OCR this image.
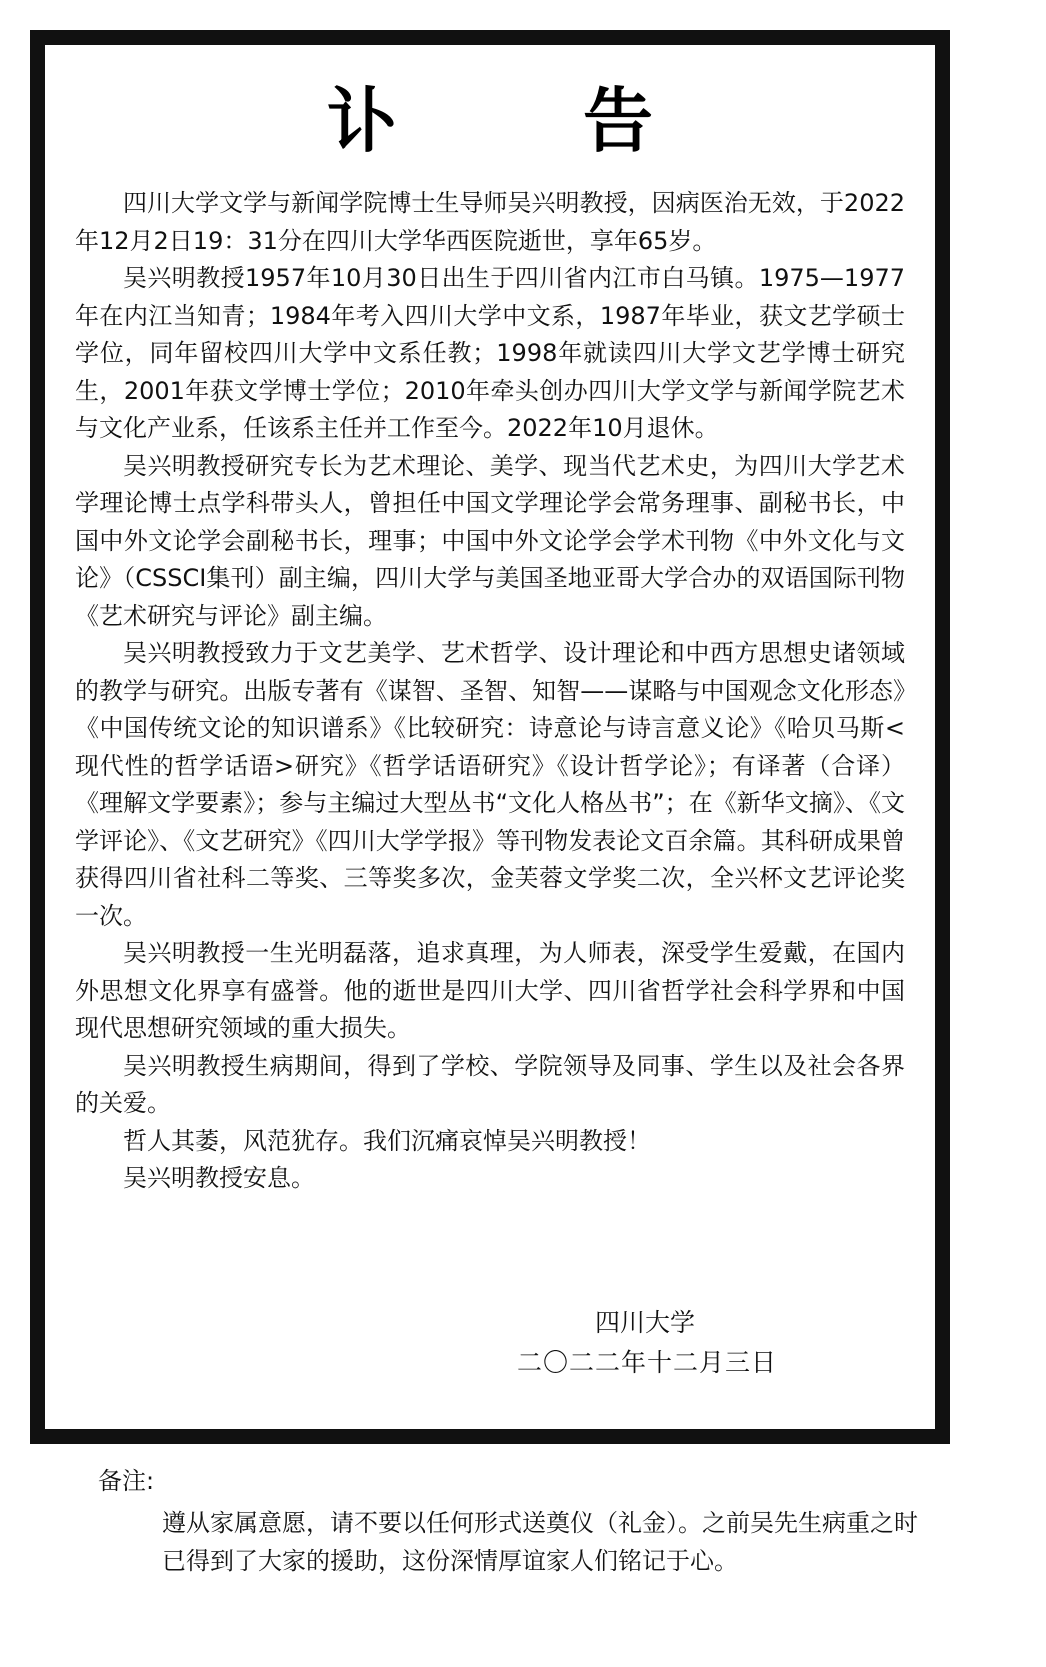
讣　告

四川大学文学与新闻学院博士生导师吴兴明教授，因病医治无效，于2022年12月2日19：31分在四川大学华西医院逝世，享年65岁。

吴兴明教授1957年10月30日出生于四川省内江市白马镇。1975—1977年在内江当知青；1984年考入四川大学中文系，1987年毕业，获文艺学硕士学位，同年留校四川大学中文系任教；1998年就读四川大学文艺学博士研究生，2001年获文学博士学位；2010年牵头创办四川大学文学与新闻学院艺术与文化产业系，任该系主任并工作至今。2022年10月退休。

吴兴明教授研究专长为艺术理论、美学、现当代艺术史，为四川大学艺术学理论博士点学科带头人，曾担任中国文学理论学会常务理事、副秘书长，中国中外文论学会副秘书长，理事；中国中外文论学会学术刊物《中外文化与文论》（CSSCI集刊）副主编，四川大学与美国圣地亚哥大学合办的双语国际刊物《艺术研究与评论》副主编。

吴兴明教授致力于文艺美学、艺术哲学、设计理论和中西方思想史诸领域的教学与研究。出版专著有《谋智、圣智、知智——谋略与中国观念文化形态》《中国传统文论的知识谱系》《比较研究：诗意论与诗言意义论》《哈贝马斯<现代性的哲学话语>研究》《哲学话语研究》《设计哲学论》；有译著（合译）《理解文学要素》；参与主编过大型丛书“文化人格丛书”；在《新华文摘》、《文学评论》、《文艺研究》《四川大学学报》等刊物发表论文百余篇。其科研成果曾获得四川省社科二等奖、三等奖多次，金芙蓉文学奖二次，全兴杯文艺评论奖一次。

吴兴明教授一生光明磊落，追求真理，为人师表，深受学生爱戴，在国内外思想文化界享有盛誉。他的逝世是四川大学、四川省哲学社会科学界和中国现代思想研究领域的重大损失。

吴兴明教授生病期间，得到了学校、学院领导及同事、学生以及社会各界的关爱。

哲人其萎，风范犹存。我们沉痛哀悼吴兴明教授！

吴兴明教授安息。

四川大学
二〇二二年十二月三日
备注:
遵从家属意愿，请不要以任何形式送奠仪（礼金）。之前吴先生病重之时已得到了大家的援助，这份深情厚谊家人们铭记于心。
